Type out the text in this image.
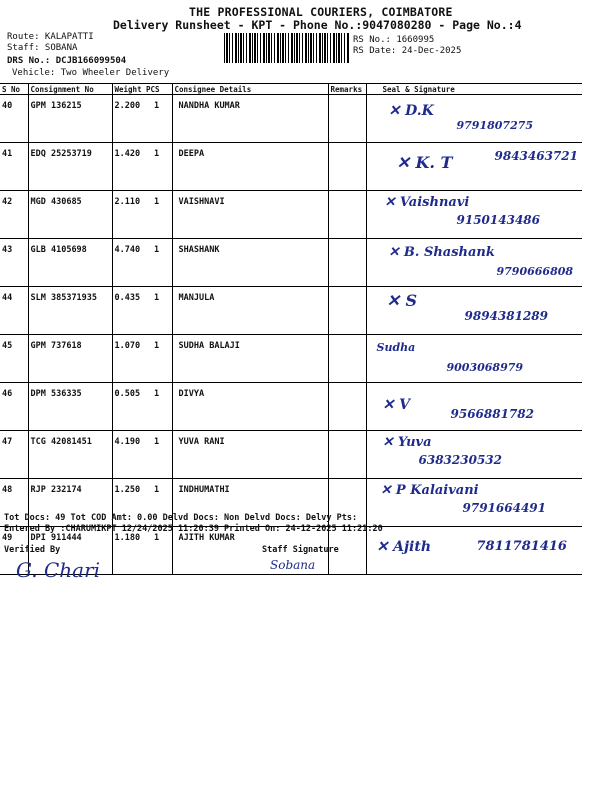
THE PROFESSIONAL COURIERS, COIMBATORE
Delivery Runsheet - KPT - Phone No.:9047080280 - Page No.:4
Route: KALAPATTI
Staff: SOBANA
DRS No.: DCJB166099504
Vehicle: Two Wheeler Delivery
RS No.: 1660995
RS Date: 24-Dec-2025
S No	Consignment No	Weight	PCS	Consignee Details	Remarks	Seal & Signature
40	GPM 136215	2.200	1	NANDHA KUMAR		✕ D.K
9791807275

41	EDQ 25253719	1.420	1	DEEPA		✕ K. T 9843463721

42	MGD 430685	2.110	1	VAISHNAVI		✕ Vaishnavi
9150143486

43	GLB 4105698	4.740	1	SHASHANK		✕ B. Shashank
9790666808

44	SLM 385371935	0.435	1	MANJULA		✕ S
9894381289

45	GPM 737618	1.070	1	SUDHA BALAJI		Sudha
9003068979

46	DPM 536335	0.505	1	DIVYA		✕ V
9566881782

47	TCG 42081451	4.190	1	YUVA RANI		✕ Yuva
6383230532

48	RJP 232174	1.250	1	INDHUMATHI		✕ P Kalaivani
9791664491

49	DPI 911444	1.180	1	AJITH KUMAR		✕ Ajith 7811781416
Tot Docs: 49 Tot COD Amt: 0.00 Delvd Docs: Non Delvd Docs: Delvy Pts:
Entered By :CHARUMIKPT 12/24/2025 11:20:39 Printed On: 24-12-2025 11:21:20
Verified By	Staff Signature
G. Chari	Sobana
